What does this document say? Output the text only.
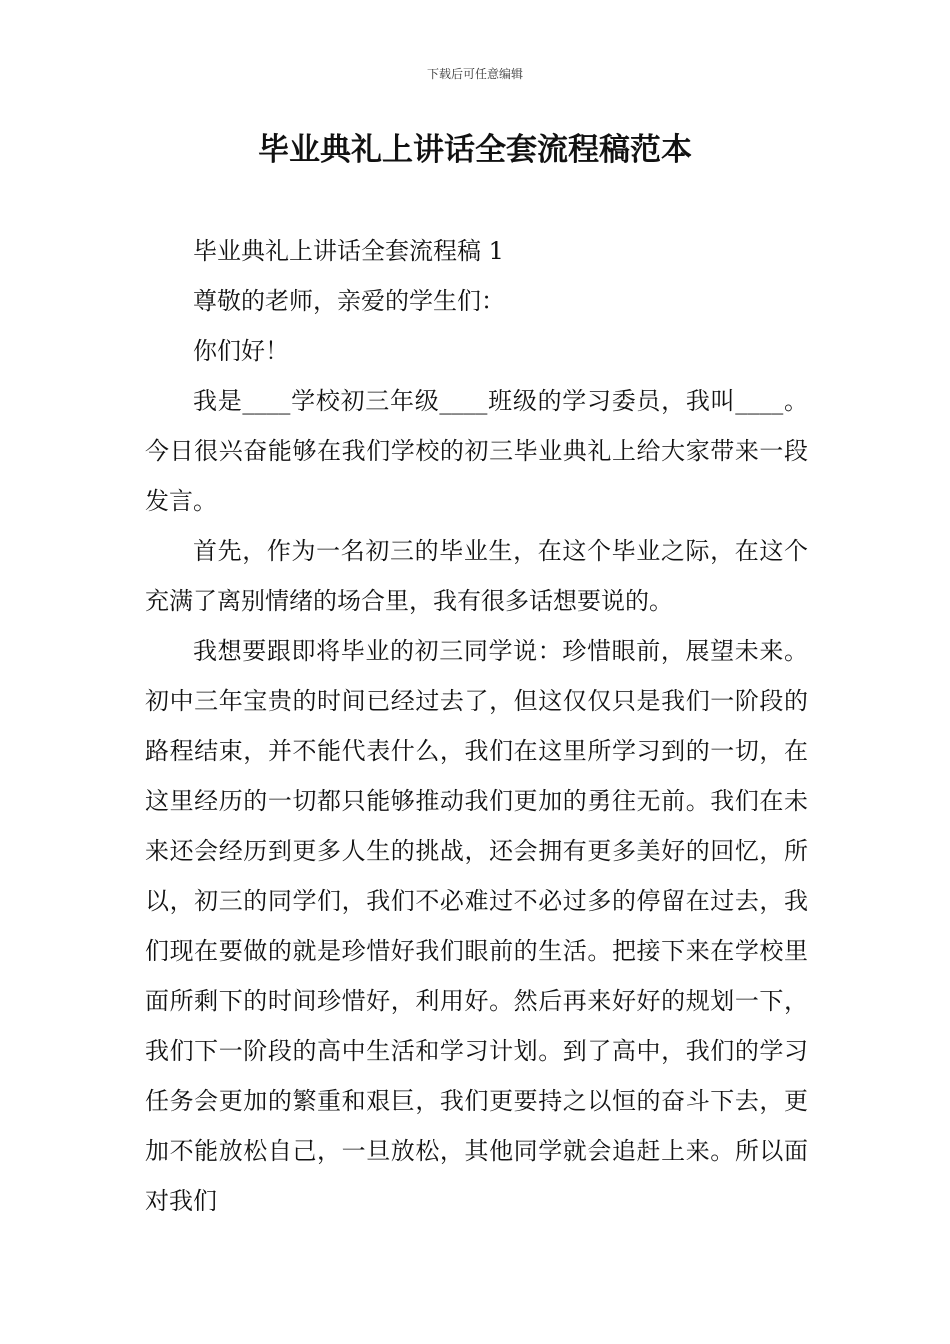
下载后可任意编辑
毕业典礼上讲话全套流程稿范本

毕业典礼上讲话全套流程稿 1

尊敬的老师，亲爱的学生们：

你们好！

我是____学校初三年级____班级的学习委员，我叫____。今日很兴奋能够在我们学校的初三毕业典礼上给大家带来一段发言。

首先，作为一名初三的毕业生，在这个毕业之际，在这个充满了离别情绪的场合里，我有很多话想要说的。

我想要跟即将毕业的初三同学说：珍惜眼前，展望未来。初中三年宝贵的时间已经过去了，但这仅仅只是我们一阶段的路程结束，并不能代表什么，我们在这里所学习到的一切，在这里经历的一切都只能够推动我们更加的勇往无前。我们在未来还会经历到更多人生的挑战，还会拥有更多美好的回忆，所以，初三的同学们，我们不必难过不必过多的停留在过去，我们现在要做的就是珍惜好我们眼前的生活。把接下来在学校里面所剩下的时间珍惜好，利用好。然后再来好好的规划一下，我们下一阶段的高中生活和学习计划。到了高中，我们的学习任务会更加的繁重和艰巨，我们更要持之以恒的奋斗下去，更加不能放松自己，一旦放松，其他同学就会追赶上来。所以面对我们
